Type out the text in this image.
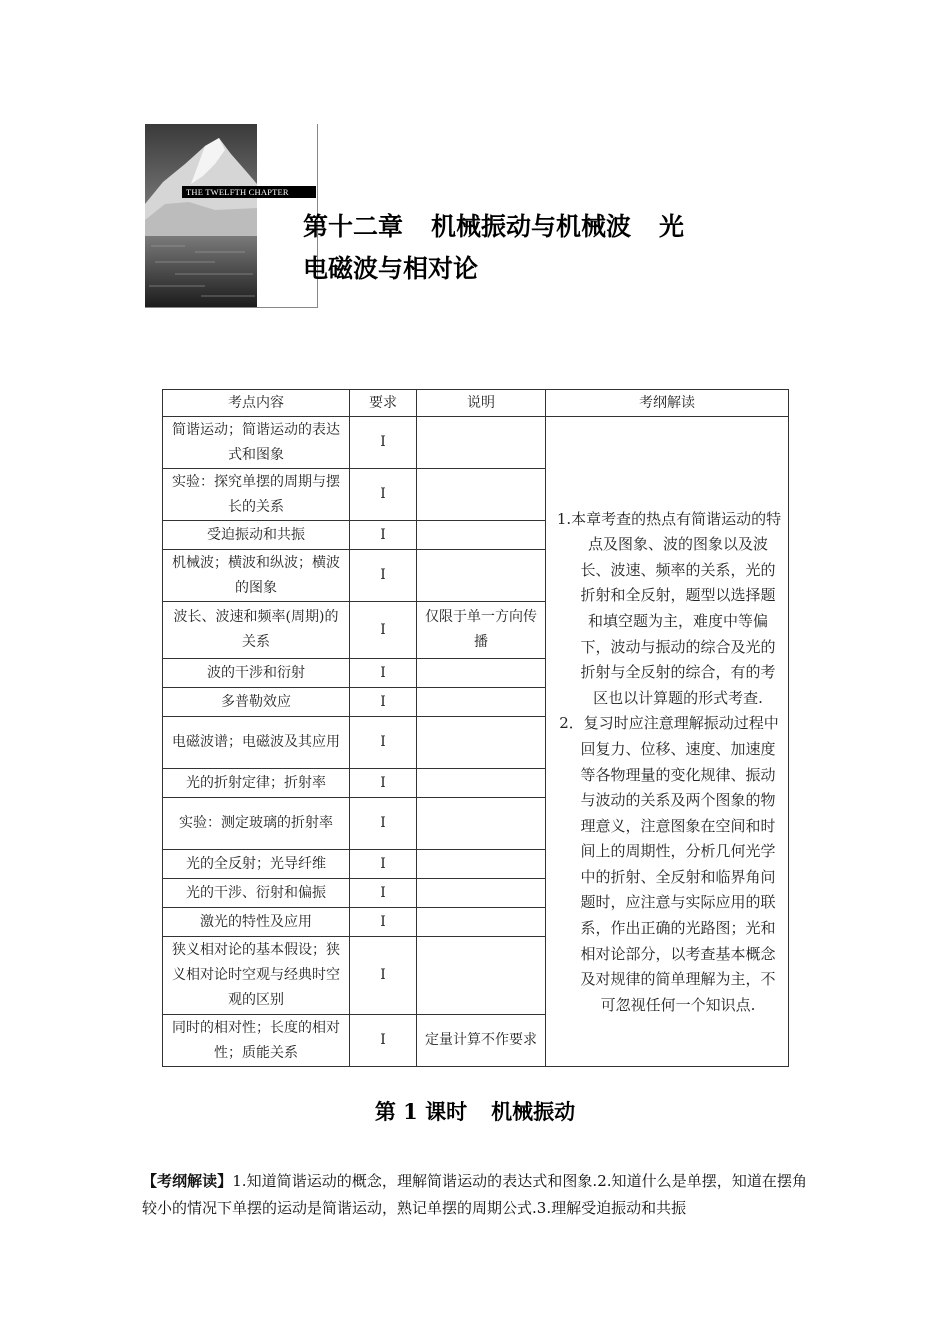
THE TWELFTH CHAPTER
第十二章 机械振动与机械波 光
电磁波与相对论
考点内容	要求	说明	考纲解读

简谐运动；简谐运动的表达式和图象	Ⅰ		1.本章考查的热点有简谐运动的特点及图象、波的图象以及波长、波速、频率的关系，光的折射和全反射，题型以选择题和填空题为主，难度中等偏下，波动与振动的综合及光的折射与全反射的综合，有的考区也以计算题的形式考查.
2．复习时应注意理解振动过程中回复力、位移、速度、加速度等各物理量的变化规律、振动与波动的关系及两个图象的物理意义，注意图象在空间和时间上的周期性，分析几何光学中的折射、全反射和临界角问题时，应注意与实际应用的联系，作出正确的光路图；光和相对论部分，以考查基本概念及对规律的简单理解为主，不可忽视任何一个知识点.

实验：探究单摆的周期与摆长的关系	Ⅰ		

受迫振动和共振	Ⅰ		

机械波；横波和纵波；横波的图象	Ⅰ		

波长、波速和频率(周期)的关系	Ⅰ	仅限于单一方向传播	

波的干涉和衍射	Ⅰ		

多普勒效应	Ⅰ		

电磁波谱；电磁波及其应用	Ⅰ		

光的折射定律；折射率	Ⅰ		

实验：测定玻璃的折射率	Ⅰ		

光的全反射；光导纤维	Ⅰ		

光的干涉、衍射和偏振	Ⅰ		

激光的特性及应用	Ⅰ		

狭义相对论的基本假设；狭义相对论时空观与经典时空观的区别	Ⅰ		

同时的相对性；长度的相对性；质能关系	Ⅰ	定量计算不作要求	
第 1 课时 机械振动
【考纲解读】1.知道简谐运动的概念，理解简谐运动的表达式和图象.2.知道什么是单摆，知道在摆角较小的情况下单摆的运动是简谐运动，熟记单摆的周期公式.3.理解受迫振动和共振
